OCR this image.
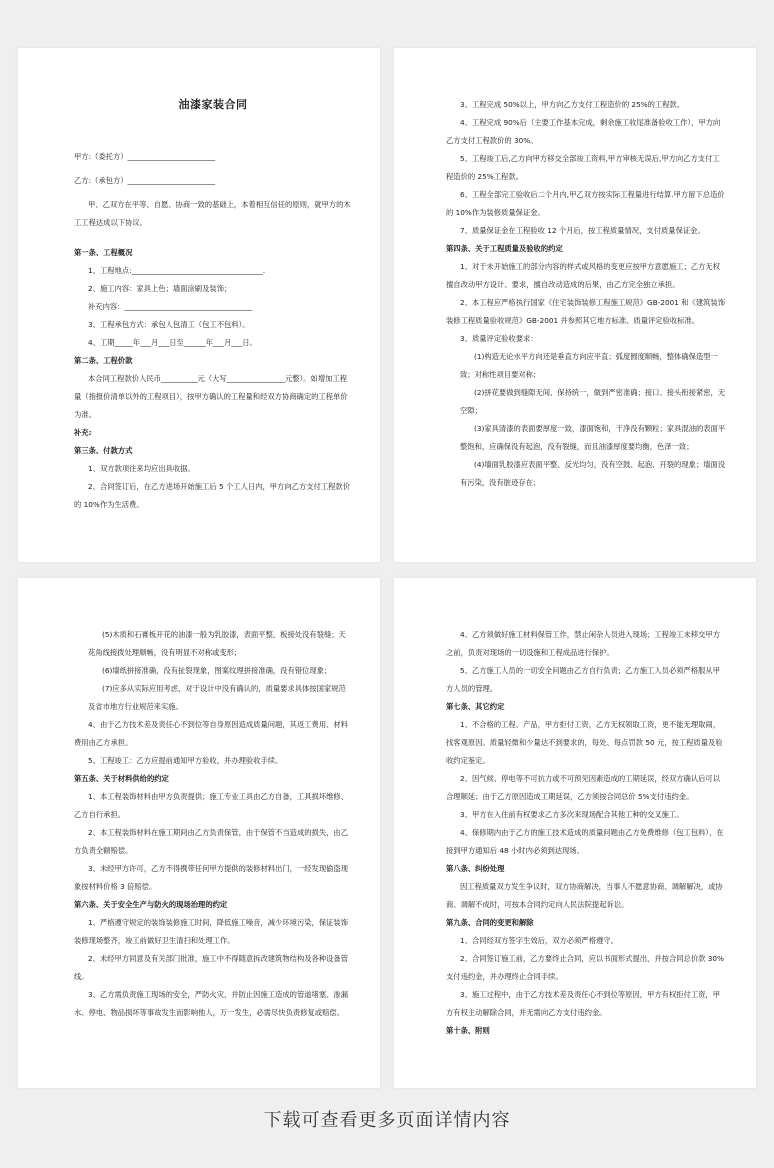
油漆家装合同

甲方:（委托方）________________________

乙方:（承包方）________________________

甲、乙双方在平等、自愿、协商一致的基础上，本着相互信任的原则，就甲方的木工工程达成以下协议。

第一条、工程概况

1、工程地点:____________________________________.

2、施工内容：家具上色；墙面涂刷及装饰；

补充内容：___________________________________

3、工程承包方式：承包人包清工（包工不包料）。

4、工期_____年___月___日至______年___月___日。

第二条、工程价款

本合同工程款价人民币__________元（大写________________元整）。如增加工程量（指报价清单以外的工程项目），按甲方确认的工程量和经双方协商确定的工程单价为准。

补充:

第三条、付款方式

1、双方款项往来均应出具收据。

2、合同签订后，在乙方进场开始施工后 5 个工人日内，甲方向乙方支付工程款价的 10%作为生活费。

3、工程完成 50%以上，甲方向乙方支付工程造价的 25%的工程款。

4、工程完成 90%后（主要工作基本完成，剩余施工收尾准备验收工作），甲方向乙方支付工程款价的 30%。

5、工程竣工后,乙方向甲方移交全部竣工资料,甲方审核无误后,甲方向乙方支付工程造价的 25%工程款。

6、工程全部完工验收后二个月内,甲乙双方按实际工程量进行结算.甲方留下总造价的 10%作为装修质量保证金。

7、质量保证金在工程验收 12 个月后，按工程质量情况，支付质量保证金。

第四条、关于工程质量及验收的约定

1、对于未开始施工的部分内容的样式或风格的变更应按甲方意愿施工；乙方无权擅自改动甲方设计、要求，擅自改动造成的后果，由乙方完全独立承担。

2、本工程应严格执行国家《住宅装饰装修工程施工规范》GB-2001 和《建筑装饰装修工程质量验收规范》GB-2001 并参照其它地方标准、质量评定验收标准。

3、质量评定验收要求：

(1)构造无论水平方向还是垂直方向应平直；弧度圆度顺畅，整体确保造型一致；对称性项目要对称；

(2)拼花要做到缝隙无间、保持统一，做到严密准确；接口、接头衔接紧密，无空隙；

(3)家具清漆的表面要厚度一致，漆面饱和，干净没有颗粒；家具混油的表面平整饱和，应确保没有起泡，没有裂缝，而且油漆厚度要均衡，色泽一致；

(4)墙面乳胶漆应表面平整、反光均匀，没有空鼓、起泡、开裂的现象；墙面没有污染，没有脏迹存在；

(5)木质和石膏板开花的油漆一般为乳胶漆，表面平整，板接处没有裂缝；天花角线接拨处理顺畅，没有明显不对称或变形；

(6)墙纸拼接准确，没有扯裂现象，图案纹理拼接准确，没有错位现象；

(7)应多从实际应用考虑，对于设计中没有确认的，质量要求具体按国家规范及省市地方行业规范来实施。

4、由于乙方技术差及责任心不到位等自身原因造成质量问题，其返工费用、材料费用由乙方承担。

5、工程竣工：乙方应提前通知甲方验收，并办理验收手续。

第五条、关于材料供给的约定

1、本工程装饰材料由甲方负责提供；施工专业工具由乙方自备，工具损坏维修、乙方自行承担。

2、本工程装饰材料在施工期间由乙方负责保管，由于保管不当造成的损失，由乙方负责全额赔偿。

3、未经甲方许可，乙方不得携带任何甲方提供的装修材料出门，一经发现偷盗现象按材料价格 3 倍赔偿。

第六条、关于安全生产与防火的现场治理的约定

1、严格遵守规定的装饰装修施工时间，降低施工噪音，减少环境污染，保证装饰装修现场整齐，竣工前做好卫生清扫和处理工作。

2、未经甲方同意及有关部门批准，施工中不得随意拆改建筑物结构及各种设备管线。

3、乙方需负责施工现场的安全，严防火灾，并防止因施工造成的管道堵塞、渗漏水、停电、物品损坏等事故发生而影响他人，万一发生，必需尽快负责修复或赔偿。

4、乙方须做好施工材料保管工作，禁止闲杂人员进入现场；工程竣工未移交甲方之前，负责对现场的一切设施和工程成品进行保护。

5、乙方施工人员的一切安全问题由乙方自行负责；乙方施工人员必须严格服从甲方人员的管理。

第七条、其它约定

1、不合格的工程、产品，甲方拒付工资，乙方无权领取工资，更不能无理取闹，找客观原因。质量轻微和少量达不到要求的，每处、每点罚款 50 元，按工程质量及验收约定鉴定。

2、因气候、停电等不可抗力或不可预见因素造成的工期延误，经双方确认后可以合理顺延；由于乙方原因造成工期延误，乙方须按合同总价 5%支付违约金。

3、甲方在入住前有权要求乙方多次来现场配合其他工种的交叉施工。

4、保修期内由于乙方的施工技术造成的质量问题由乙方免费维修（包工包料），在接到甲方通知后 48 小时内必须到达现场。

第八条、纠纷处理

因工程质量双方发生争议时，双方协商解决，当事人不愿意协商、调解解决，或协商、调解不成时，可按本合同约定向人民法院提起诉讼。

第九条、合同的变更和解除

1、合同经双方签字生效后，双方必须严格遵守。

2、合同签订施工前，乙方要终止合同，应以书面形式提出，并按合同总价款 30%支付违约金，并办理终止合同手续。

3、施工过程中，由于乙方技术差及责任心不到位等原因，甲方有权拒付工资，甲方有权主动解除合同，并无需向乙方支付违约金。

第十条、附则

下载可查看更多页面详情内容
